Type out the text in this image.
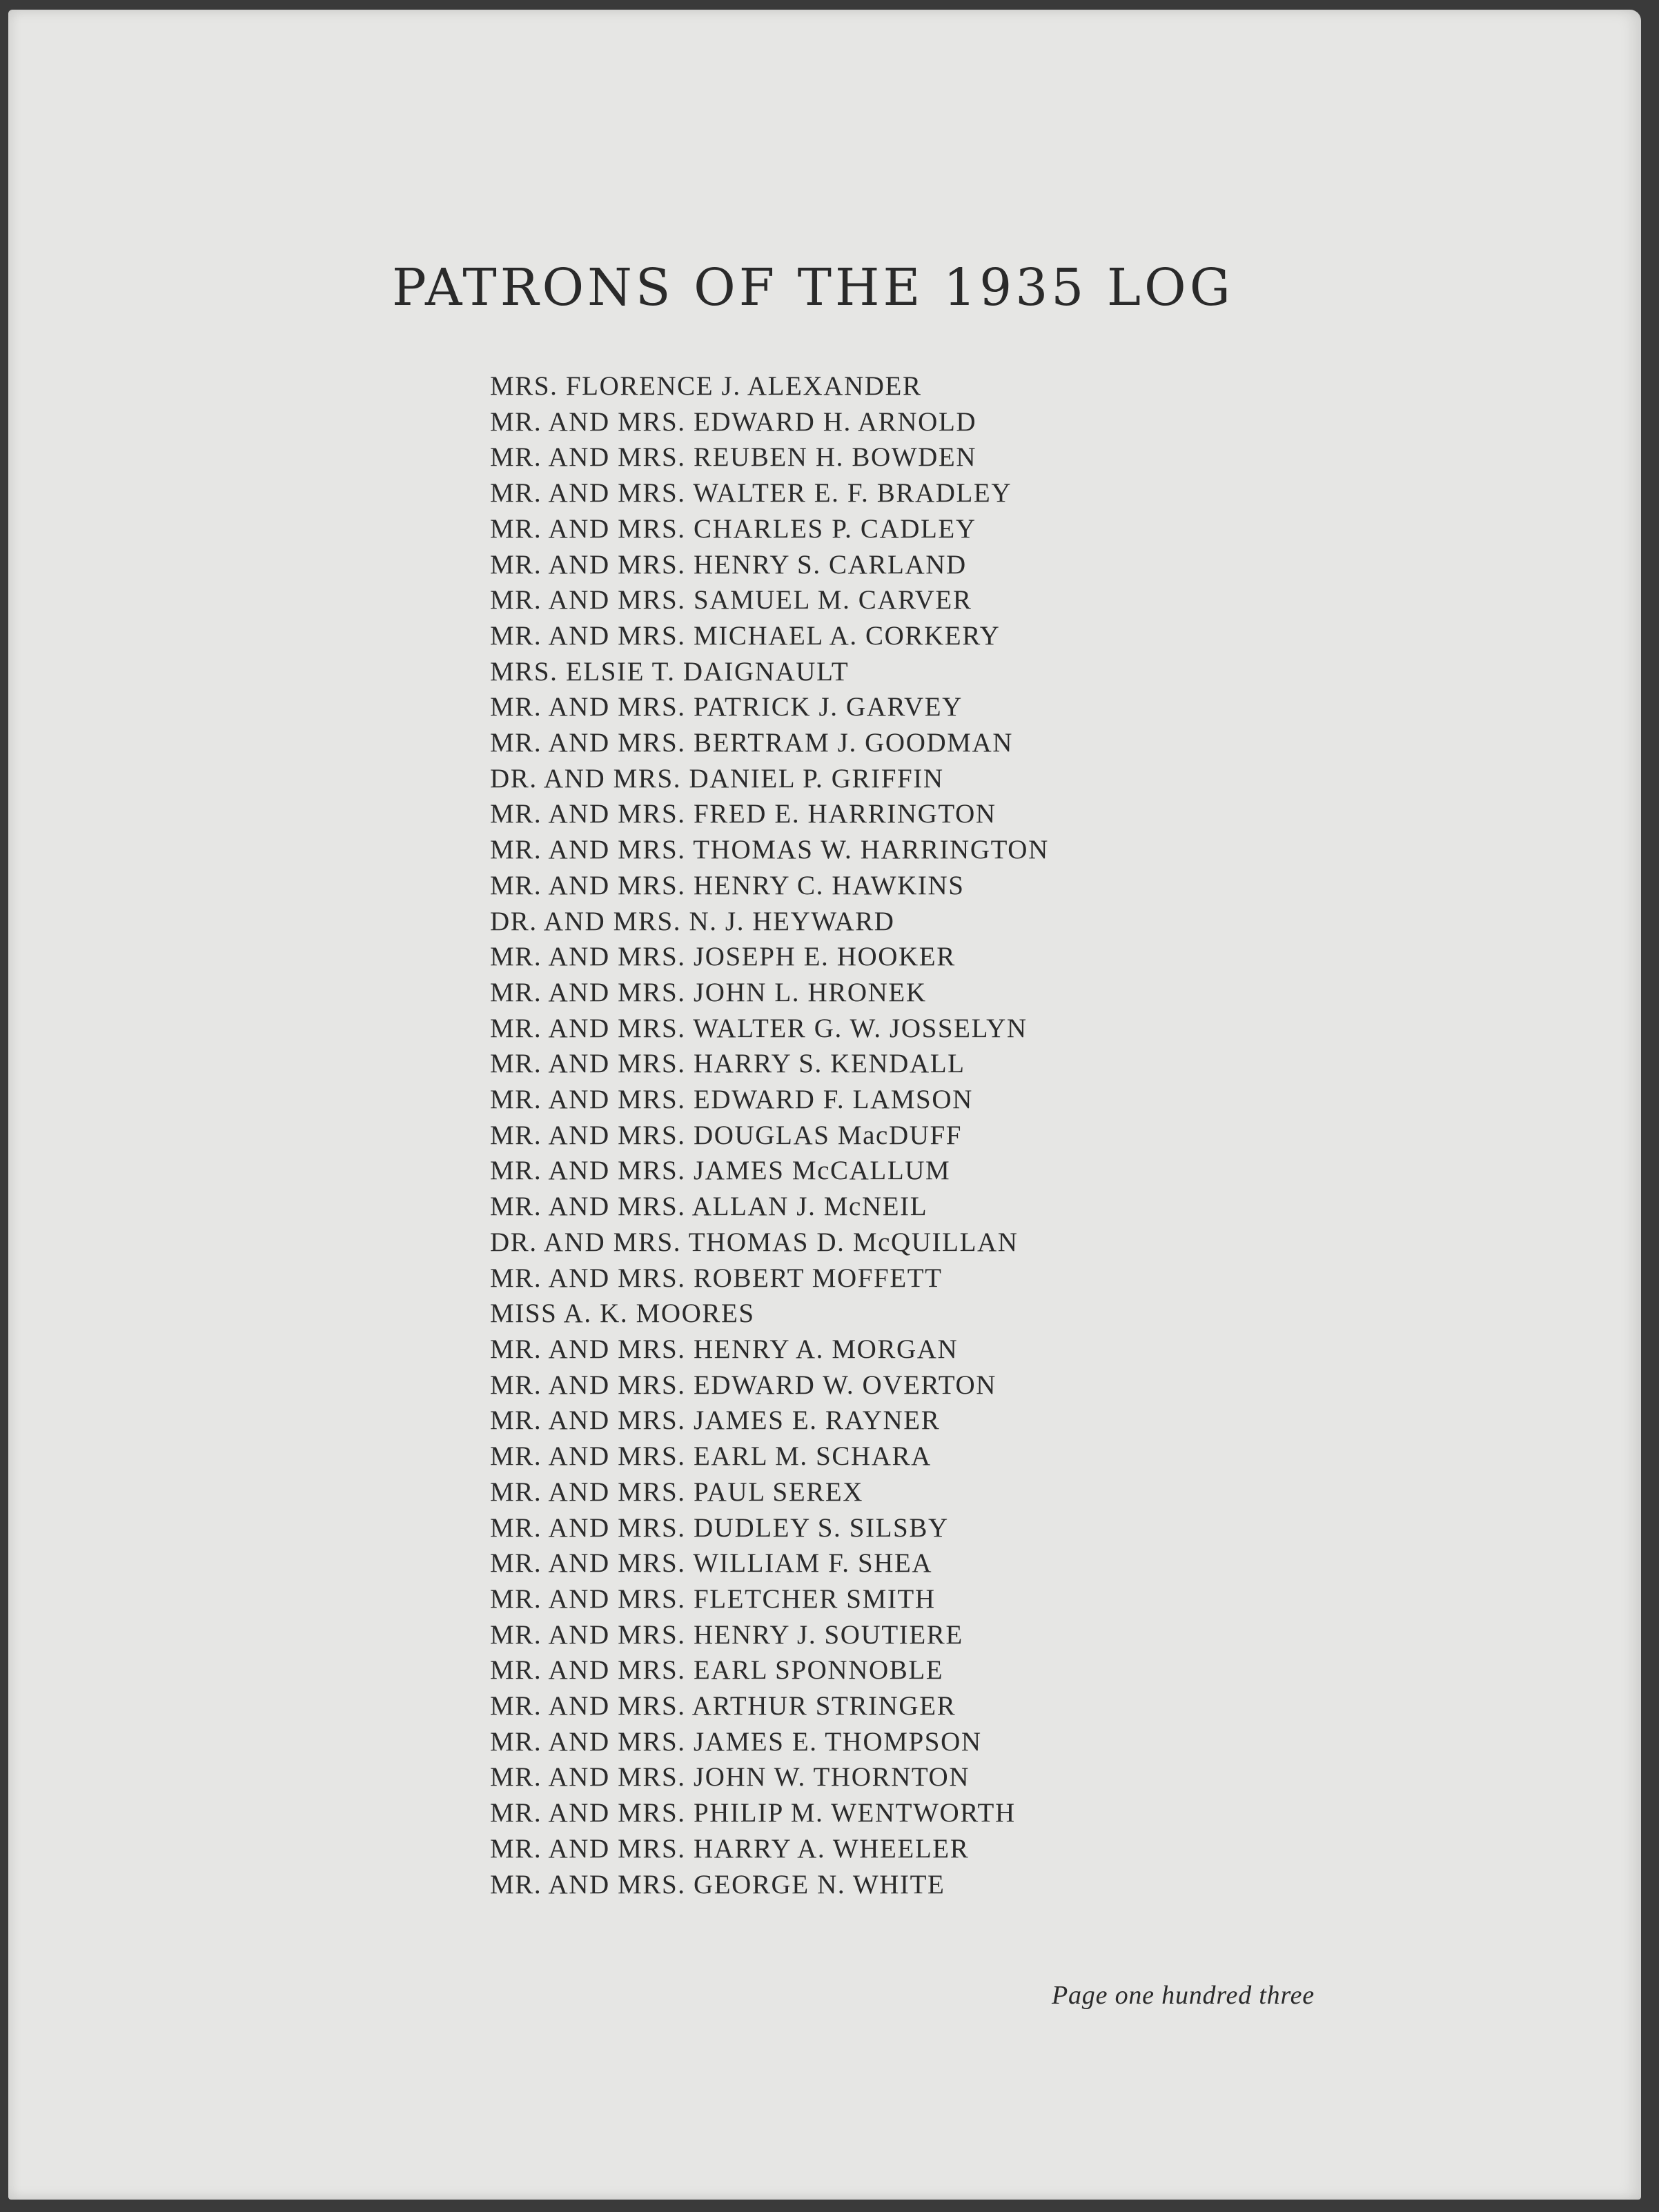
PATRONS OF THE 1935 LOG
MRS. FLORENCE J. ALEXANDER
MR. AND MRS. EDWARD H. ARNOLD
MR. AND MRS. REUBEN H. BOWDEN
MR. AND MRS. WALTER E. F. BRADLEY
MR. AND MRS. CHARLES P. CADLEY
MR. AND MRS. HENRY S. CARLAND
MR. AND MRS. SAMUEL M. CARVER
MR. AND MRS. MICHAEL A. CORKERY
MRS. ELSIE T. DAIGNAULT
MR. AND MRS. PATRICK J. GARVEY
MR. AND MRS. BERTRAM J. GOODMAN
DR. AND MRS. DANIEL P. GRIFFIN
MR. AND MRS. FRED E. HARRINGTON
MR. AND MRS. THOMAS W. HARRINGTON
MR. AND MRS. HENRY C. HAWKINS
DR. AND MRS. N. J. HEYWARD
MR. AND MRS. JOSEPH E. HOOKER
MR. AND MRS. JOHN L. HRONEK
MR. AND MRS. WALTER G. W. JOSSELYN
MR. AND MRS. HARRY S. KENDALL
MR. AND MRS. EDWARD F. LAMSON
MR. AND MRS. DOUGLAS MacDUFF
MR. AND MRS. JAMES McCALLUM
MR. AND MRS. ALLAN J. McNEIL
DR. AND MRS. THOMAS D. McQUILLAN
MR. AND MRS. ROBERT MOFFETT
MISS A. K. MOORES
MR. AND MRS. HENRY A. MORGAN
MR. AND MRS. EDWARD W. OVERTON
MR. AND MRS. JAMES E. RAYNER
MR. AND MRS. EARL M. SCHARA
MR. AND MRS. PAUL SEREX
MR. AND MRS. DUDLEY S. SILSBY
MR. AND MRS. WILLIAM F. SHEA
MR. AND MRS. FLETCHER SMITH
MR. AND MRS. HENRY J. SOUTIERE
MR. AND MRS. EARL SPONNOBLE
MR. AND MRS. ARTHUR STRINGER
MR. AND MRS. JAMES E. THOMPSON
MR. AND MRS. JOHN W. THORNTON
MR. AND MRS. PHILIP M. WENTWORTH
MR. AND MRS. HARRY A. WHEELER
MR. AND MRS. GEORGE N. WHITE
Page one hundred three
